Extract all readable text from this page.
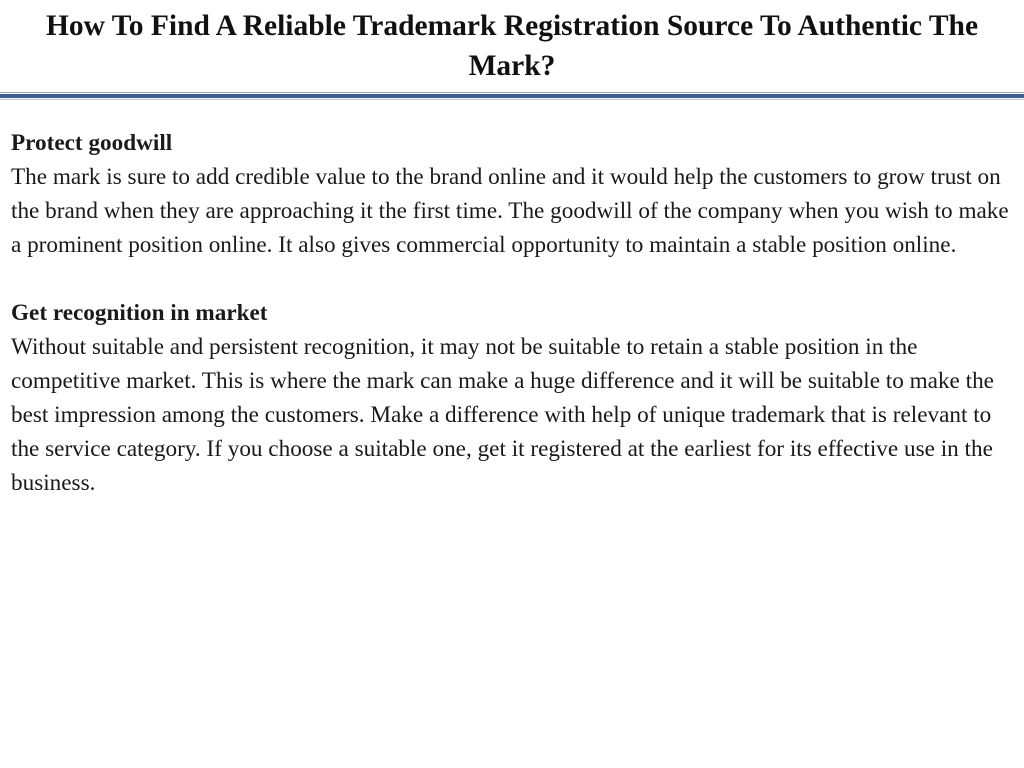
How To Find A Reliable Trademark Registration Source To Authentic The Mark?

Protect goodwill

The mark is sure to add credible value to the brand online and it would help the customers to grow trust on the brand when they are approaching it the first time. The goodwill of the company when you wish to make a prominent position online. It also gives commercial opportunity to maintain a stable position online.

Get recognition in market

Without suitable and persistent recognition, it may not be suitable to retain a stable position in the competitive market. This is where the mark can make a huge difference and it will be suitable to make the best impression among the customers. Make a difference with help of unique trademark that is relevant to the service category. If you choose a suitable one, get it registered at the earliest for its effective use in the business.
